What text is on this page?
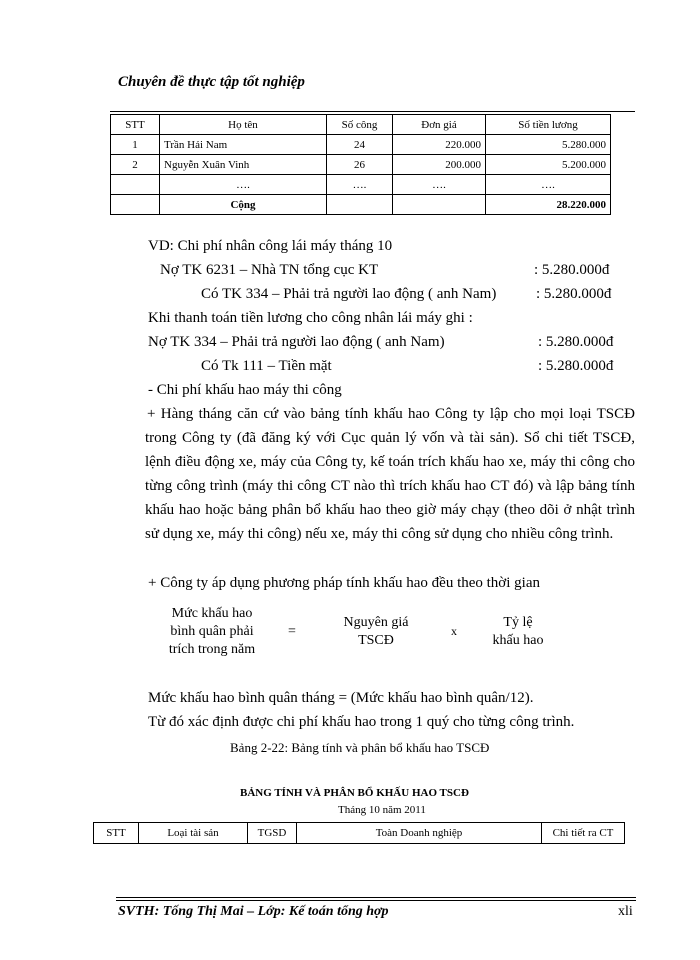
Chuyên đề thực tập tốt nghiệp
STT	Họ tên	Số công	Đơn giá	Số tiền lương
1	Trần Hải Nam	24	220.000	5.280.000
2	Nguyễn Xuân Vinh	26	200.000	5.200.000
	….	….	….	….
	Cộng			28.220.000
VD: Chi phí nhân công lái máy tháng 10
Nợ TK 6231 – Nhà TN tổng cục KT	: 5.280.000đ
Có TK 334 – Phải trả người lao động ( anh Nam)	: 5.280.000đ
Khi thanh toán tiền lương cho công nhân lái máy ghi :
Nợ TK 334 – Phải trả người lao động ( anh Nam)	: 5.280.000đ
Có Tk 111 – Tiền mặt	: 5.280.000đ
- Chi phí khấu hao máy thi công
+ Hàng tháng căn cứ vào bảng tính khấu hao Công ty lập cho mọi loại TSCĐ trong Công ty (đã đăng ký với Cục quản lý vốn và tài sản). Sổ chi tiết TSCĐ, lệnh điều động xe, máy của Công ty, kế toán trích khấu hao xe, máy thi công cho từng công trình (máy thi công CT nào thì trích khấu hao CT đó) và lập bảng tính khấu hao hoặc bảng phân bổ khấu hao theo giờ máy chạy (theo dõi ở nhật trình sử dụng xe, máy thi công) nếu xe, máy thi công sử dụng cho nhiều công trình.
+ Công ty áp dụng phương pháp tính khấu hao đều theo thời gian
Mức khấu hao
bình quân phải
trích trong năm
=
Nguyên giá
TSCĐ
x
Tỷ lệ
khấu hao
Mức khấu hao bình quân tháng = (Mức khấu hao bình quân/12).
Từ đó xác định được chi phí khấu hao trong 1 quý cho từng công trình.
Bảng 2-22: Bảng tính và phân bổ khấu hao TSCĐ
BẢNG TÍNH VÀ PHÂN BỔ KHẤU HAO TSCĐ
Tháng 10 năm 2011
STT	Loại tài sản	TGSD	Toàn Doanh nghiệp	Chi tiết ra CT
SVTH: Tống Thị Mai – Lớp: Kế toán tổng hợp	xli
